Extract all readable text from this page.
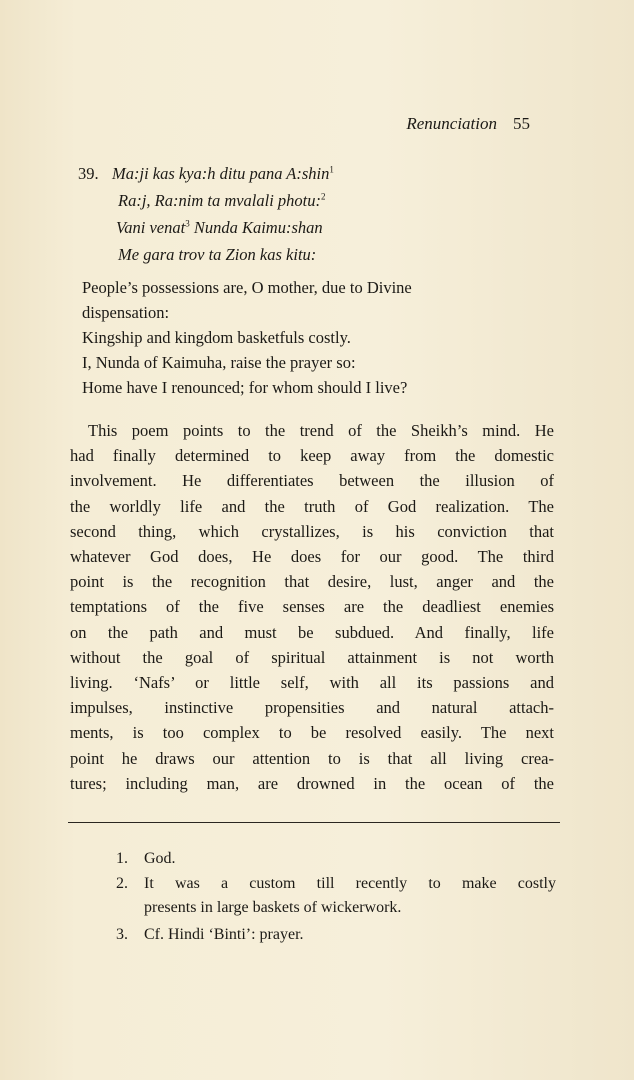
Renunciation 55
39. Ma:ji kas kya:h ditu pana A:shin$^1$
Ra:j, Ra:nim ta mvalali photu:$^2$
Vani venat$^3$ Nunda Kaimu:shan
Me gara trov ta Zion kas kitu:
People’s possessions are, O mother, due to Divine
dispensation:
Kingship and kingdom basketfuls costly.
I, Nunda of Kaimuha, raise the prayer so:
Home have I renounced; for whom should I live?
This poem points to the trend of the Sheikh’s mind. He
had finally determined to keep away from the domestic
involvement. He differentiates between the illusion of
the worldly life and the truth of God realization. The
second thing, which crystallizes, is his conviction that
whatever God does, He does for our good. The third
point is the recognition that desire, lust, anger and the
temptations of the five senses are the deadliest enemies
on the path and must be subdued. And finally, life
without the goal of spiritual attainment is not worth
living. ‘Nafs’ or little self, with all its passions and
impulses, instinctive propensities and natural attach-
ments, is too complex to be resolved easily. The next
point he draws our attention to is that all living crea-
tures; including man, are drowned in the ocean of the
1. God.
2. It was a custom till recently to make costly
presents in large baskets of wickerwork.
3. Cf. Hindi ‘Binti’: prayer.
